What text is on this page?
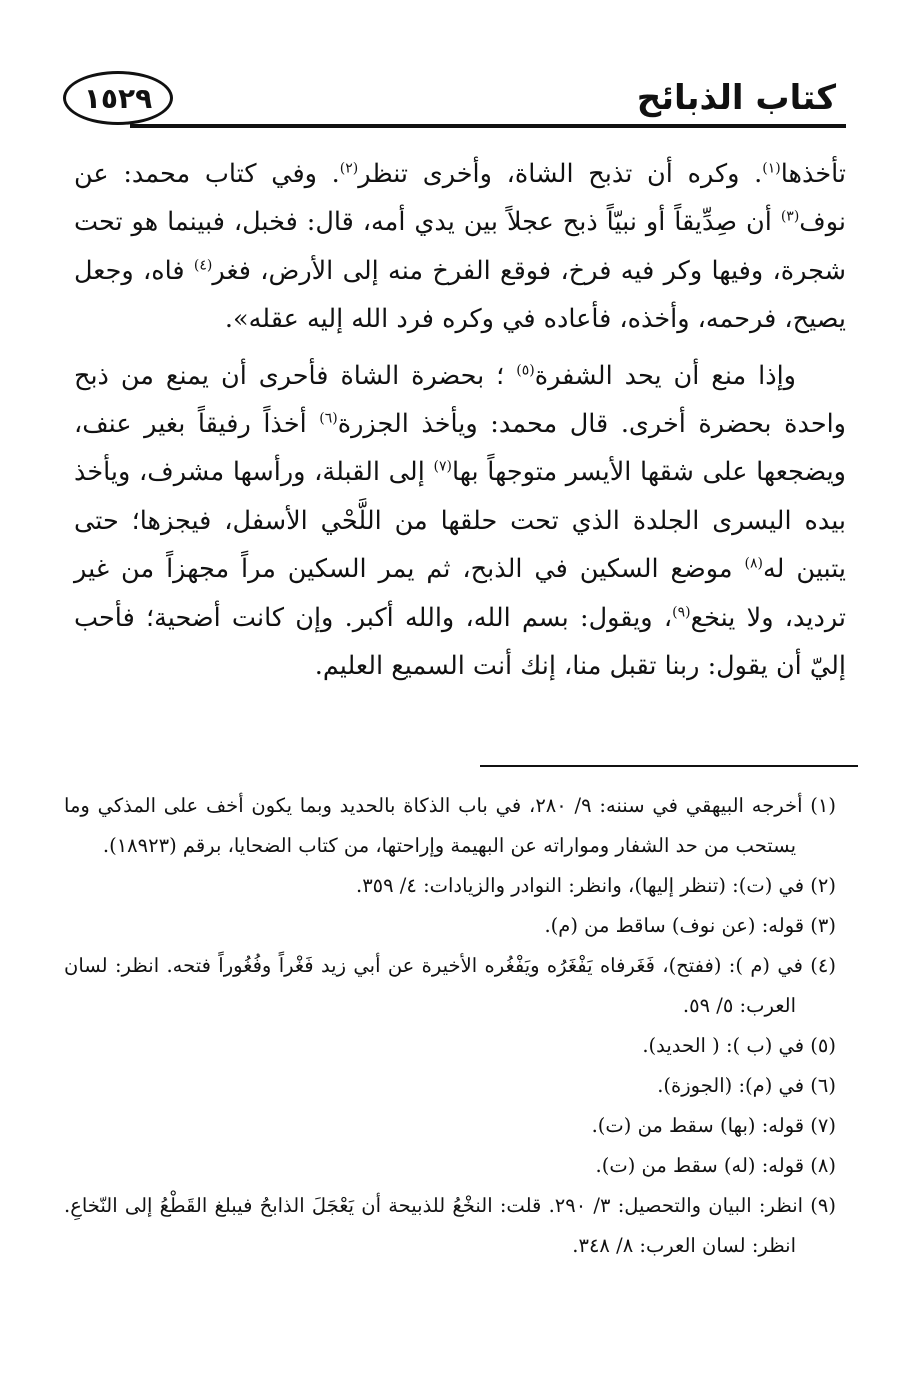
كتاب الذبائح
١٥٢٩

تأخذها$^{(١)}$. وكره أن تذبح الشاة، وأخرى تنظر$^{(٢)}$. وفي كتاب محمد: عن نوف$^{(٣)}$ أن صِدِّيقاً أو نبيّاً ذبح عجلاً بين يدي أمه، قال: فخبل، فبينما هو تحت شجرة، وفيها وكر فيه فرخ، فوقع الفرخ منه إلى الأرض، فغر$^{(٤)}$ فاه، وجعل يصيح، فرحمه، وأخذه، فأعاده في وكره فرد الله إليه عقله».

وإذا منع أن يحد الشفرة$^{(٥)}$ ؛ بحضرة الشاة فأحرى أن يمنع من ذبح واحدة بحضرة أخرى. قال محمد: ويأخذ الجزرة$^{(٦)}$ أخذاً رفيقاً بغير عنف، ويضجعها على شقها الأيسر متوجهاً بها$^{(٧)}$ إلى القبلة، ورأسها مشرف، ويأخذ بيده اليسرى الجلدة الذي تحت حلقها من اللَّحْي الأسفل، فيجزها؛ حتى يتبين له$^{(٨)}$ موضع السكين في الذبح، ثم يمر السكين مراً مجهزاً من غير ترديد، ولا ينخع$^{(٩)}$، ويقول: بسم الله، والله أكبر. وإن كانت أضحية؛ فأحب إليّ أن يقول: ربنا تقبل منا، إنك أنت السميع العليم.

(١) أخرجه البيهقي في سننه: ٩/ ٢٨٠، في باب الذكاة بالحديد وبما يكون أخف على المذكي وما يستحب من حد الشفار ومواراته عن البهيمة وإراحتها، من كتاب الضحايا، برقم (١٨٩٢٣).

(٢) في (ت): (تنظر إليها)، وانظر: النوادر والزيادات: ٤/ ٣٥٩.

(٣) قوله: (عن نوف) ساقط من (م).

(٤) في (م ): (ففتح)، فَغَرفاه يَفْغَرُه ويَفْغُره الأخيرة عن أبي زيد فَغْراً وفُغُوراً فتحه. انظر: لسان العرب: ٥/ ٥٩.

(٥) في (ب ): ( الحديد).

(٦) في (م): (الجوزة).

(٧) قوله: (بها) سقط من (ت).

(٨) قوله: (له) سقط من (ت).

(٩) انظر: البيان والتحصيل: ٣/ ٢٩٠. قلت: النخْعُ للذبيحة أن يَعْجَلَ الذابحُ فيبلغ القَطْعُ إلى النّخاعِ. انظر: لسان العرب: ٨/ ٣٤٨.
